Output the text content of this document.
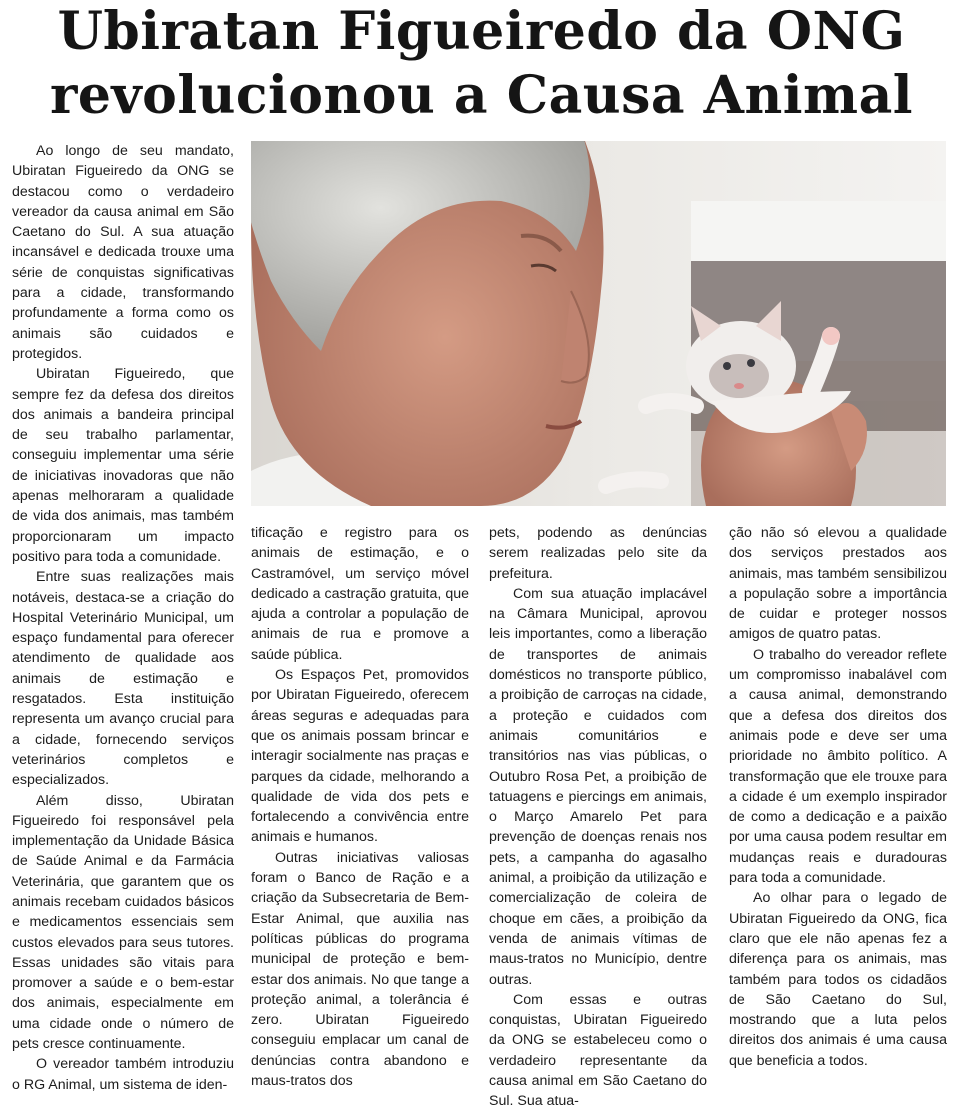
Ubiratan Figueiredo da ONG
revolucionou a Causa Animal

Ao longo de seu mandato, Ubiratan Figueiredo da ONG se destacou como o verdadeiro vereador da causa animal em São Caetano do Sul. A sua atuação incansável e dedicada trouxe uma série de conquistas significativas para a cidade, transformando profundamente a forma como os animais são cuidados e protegidos.

Ubiratan Figueiredo, que sempre fez da defesa dos direitos dos animais a bandeira principal de seu trabalho parlamentar, conseguiu implementar uma série de iniciativas inovadoras que não apenas melhoraram a qualidade de vida dos animais, mas também proporcionaram um impacto positivo para toda a comunidade.

Entre suas realizações mais notáveis, destaca-se a criação do Hospital Veterinário Municipal, um espaço fundamental para oferecer atendimento de qualidade aos animais de estimação e resgatados. Esta instituição representa um avanço crucial para a cidade, fornecendo serviços veterinários completos e especializados.

Além disso, Ubiratan Figueiredo foi responsável pela implementação da Unidade Básica de Saúde Animal e da Farmácia Veterinária, que garantem que os animais recebam cuidados básicos e medicamentos essenciais sem custos elevados para seus tutores. Essas unidades são vitais para promover a saúde e o bem-estar dos animais, especialmente em uma cidade onde o número de pets cresce continuamente.

O vereador também introduziu o RG Animal, um sistema de iden-

tificação e registro para os animais de estimação, e o Castramóvel, um serviço móvel dedicado a castração gratuita, que ajuda a controlar a população de animais de rua e promove a saúde pública.

Os Espaços Pet, promovidos por Ubiratan Figueiredo, oferecem áreas seguras e adequadas para que os animais possam brincar e interagir socialmente nas praças e parques da cidade, melhorando a qualidade de vida dos pets e fortalecendo a convivência entre animais e humanos.

Outras iniciativas valiosas foram o Banco de Ração e a criação da Subsecretaria de Bem-Estar Animal, que auxilia nas políticas públicas do programa municipal de proteção e bem-estar dos animais. No que tange a proteção animal, a tolerância é zero. Ubiratan Figueiredo conseguiu emplacar um canal de denúncias contra abandono e maus-tratos dos

pets, podendo as denúncias serem realizadas pelo site da prefeitura.

Com sua atuação implacável na Câmara Municipal, aprovou leis importantes, como a liberação de transportes de animais domésticos no transporte público, a proibição de carroças na cidade, a proteção e cuidados com animais comunitários e transitórios nas vias públicas, o Outubro Rosa Pet, a proibição de tatuagens e piercings em animais, o Março Amarelo Pet para prevenção de doenças renais nos pets, a campanha do agasalho animal, a proibição da utilização e comercialização de coleira de choque em cães, a proibição da venda de animais vítimas de maus-tratos no Município, dentre outras.

Com essas e outras conquistas, Ubiratan Figueiredo da ONG se estabeleceu como o verdadeiro representante da causa animal em São Caetano do Sul. Sua atua-

ção não só elevou a qualidade dos serviços prestados aos animais, mas também sensibilizou a população sobre a importância de cuidar e proteger nossos amigos de quatro patas.

O trabalho do vereador reflete um compromisso inabalável com a causa animal, demonstrando que a defesa dos direitos dos animais pode e deve ser uma prioridade no âmbito político. A transformação que ele trouxe para a cidade é um exemplo inspirador de como a dedicação e a paixão por uma causa podem resultar em mudanças reais e duradouras para toda a comunidade.

Ao olhar para o legado de Ubiratan Figueiredo da ONG, fica claro que ele não apenas fez a diferença para os animais, mas também para todos os cidadãos de São Caetano do Sul, mostrando que a luta pelos direitos dos animais é uma causa que beneficia a todos.
